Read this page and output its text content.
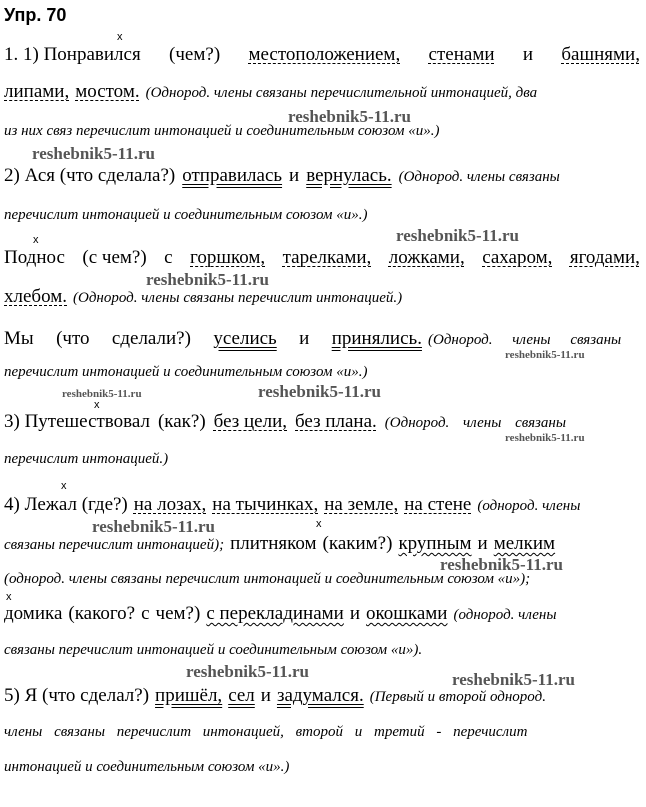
Упр. 70
x
1. 1) Понравился (чем?) местоположением, стенами и башнями,
липами, мостом. (Однород. члены связаны перечислительной интонацией, два
reshebnik5-11.ru
из них связ перечислит интонацией и соединительным союзом «и».)
reshebnik5-11.ru
2) Ася (что сделала?) отправилась и вернулась. (Однород. члены связаны
перечислит интонацией и соединительным союзом «и».)
x	reshebnik5-11.ru
Поднос (с чем?) с горшком, тарелками, ложками, сахаром, ягодами,
reshebnik5-11.ru
хлебом. (Однород. члены связаны перечислит интонацией.)
Мы (что сделали?) уселись и принялись. (Однород. члены связаны
reshebnik5-11.ru
перечислит интонацией и соединительным союзом «и».)
reshebnik5-11.ru	reshebnik5-11.ru
x
3) Путешествовал (как?) без цели, без плана. (Однород. члены связаны
reshebnik5-11.ru
перечислит интонацией.)
x
4) Лежал (где?) на лозах, на тычинках, на земле, на стене (однород. члены
reshebnik5-11.ru	x
связаны перечислит интонацией); плитняком (каким?) крупным и мелким
reshebnik5-11.ru
(однород. члены связаны перечислит интонацией и соединительным союзом «и»);
x
домика (какого? с чем?) с перекладинами и окошками (однород. члены
связаны перечислит интонацией и соединительным союзом «и»).
reshebnik5-11.ru	reshebnik5-11.ru
5) Я (что сделал?) пришёл, сел и задумался. (Первый и второй однород.
члены связаны перечислит интонацией, второй и третий - перечислит
интонацией и соединительным союзом «и».)
